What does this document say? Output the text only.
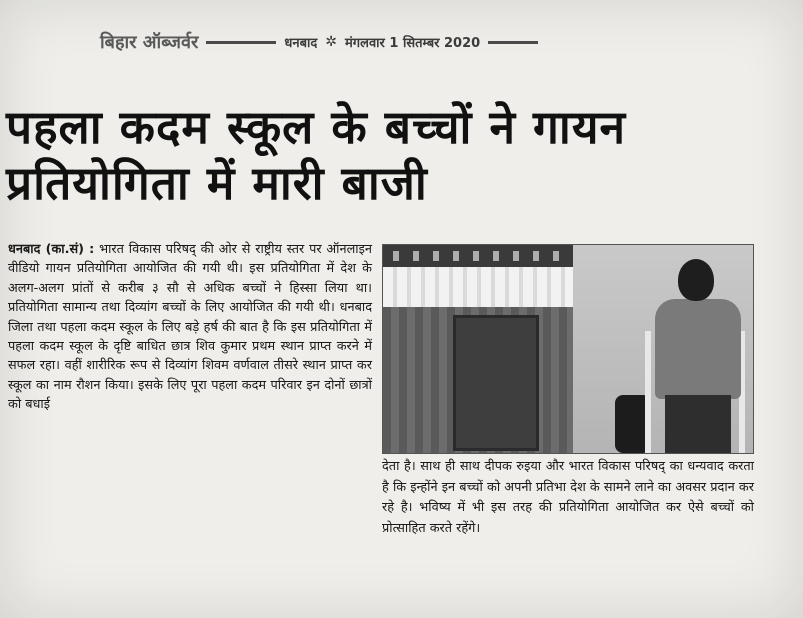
बिहार ऑब्जर्वर	धनबाद ✲ मंगलवार 1 सितम्बर 2020
पहला कदम स्कूल के बच्चों ने गायन
प्रतियोगिता में मारी बाजी
धनबाद (का.सं) : भारत विकास परिषद् की ओर से राष्ट्रीय स्तर पर ऑनलाइन वीडियो गायन प्रतियोगिता आयोजित की गयी थी। इस प्रतियोगिता में देश के अलग-अलग प्रांतों से करीब ३ सौ से अधिक बच्चों ने हिस्सा लिया था। प्रतियोगिता सामान्य तथा दिव्यांग बच्चों के लिए आयोजित की गयी थी। धनबाद जिला तथा पहला कदम स्कूल के लिए बड़े हर्ष की बात है कि इस प्रतियोगिता में पहला कदम स्कूल के दृष्टि बाधित छात्र शिव कुमार प्रथम स्थान प्राप्त करने में सफल रहा। वहीं शारीरिक रूप से दिव्यांग शिवम वर्णवाल तीसरे स्थान प्राप्त कर स्कूल का नाम रौशन किया। इसके लिए पूरा पहला कदम परिवार इन दोनों छात्रों को बधाई
देता है। साथ ही साथ दीपक रुइया और भारत विकास परिषद् का धन्यवाद करता है कि इन्होंने इन बच्चों को अपनी प्रतिभा देश के सामने लाने का अवसर प्रदान कर रहे है। भविष्य में भी इस तरह की प्रतियोगिता आयोजित कर ऐसे बच्चों को प्रोत्साहित करते रहेंगे।
